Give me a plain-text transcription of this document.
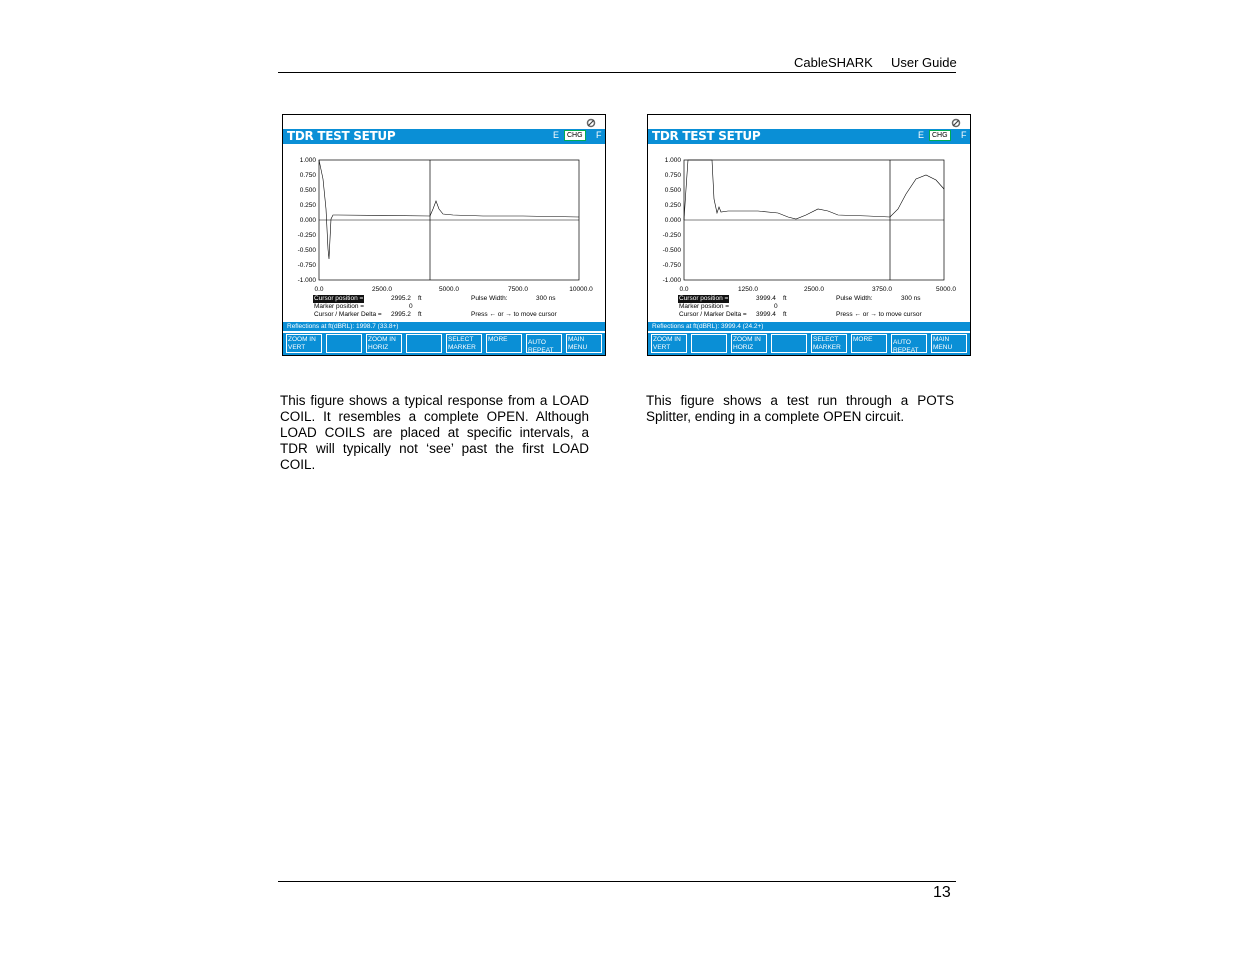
CableSHARK User Guide
TDR TEST SETUP	E	CHG	F
1.000
0.750
0.500
0.250
0.000
-0.250
-0.500
-0.750
-1.000
0.0	2500.0	5000.0	7500.0	10000.0
Cursor position =	2995.2 ft
Marker position =	0
Cursor / Marker Delta = 2995.2 ft
Pulse Width:	300 ns
Press ← or → to move cursor
Reflections at ft(dBRL): 1998.7 (33.8+)
ZOOM IN
VERT
ZOOM IN
HORIZ
SELECT
MARKER
MORE	AUTO
REPEAT
MAIN
MENU
TDR TEST SETUP	E	CHG	F
1.000
0.750
0.500
0.250
0.000
-0.250
-0.500
-0.750
-1.000
0.0	1250.0	2500.0	3750.0	5000.0
Cursor position =	3999.4 ft
Marker position =	0
Cursor / Marker Delta = 3999.4 ft
Pulse Width:	300 ns
Press ← or → to move cursor
Reflections at ft(dBRL): 3999.4 (24.2+)
ZOOM IN
VERT
ZOOM IN
HORIZ
SELECT
MARKER
MORE	AUTO
REPEAT
MAIN
MENU
This figure shows a typical response from a LOAD COIL. It resembles a complete OPEN. Although LOAD COILS are placed at specific intervals, a TDR will typically not ‘see’ past the first LOAD COIL.
This figure shows a test run through a POTS Splitter, ending in a complete OPEN circuit.
13
